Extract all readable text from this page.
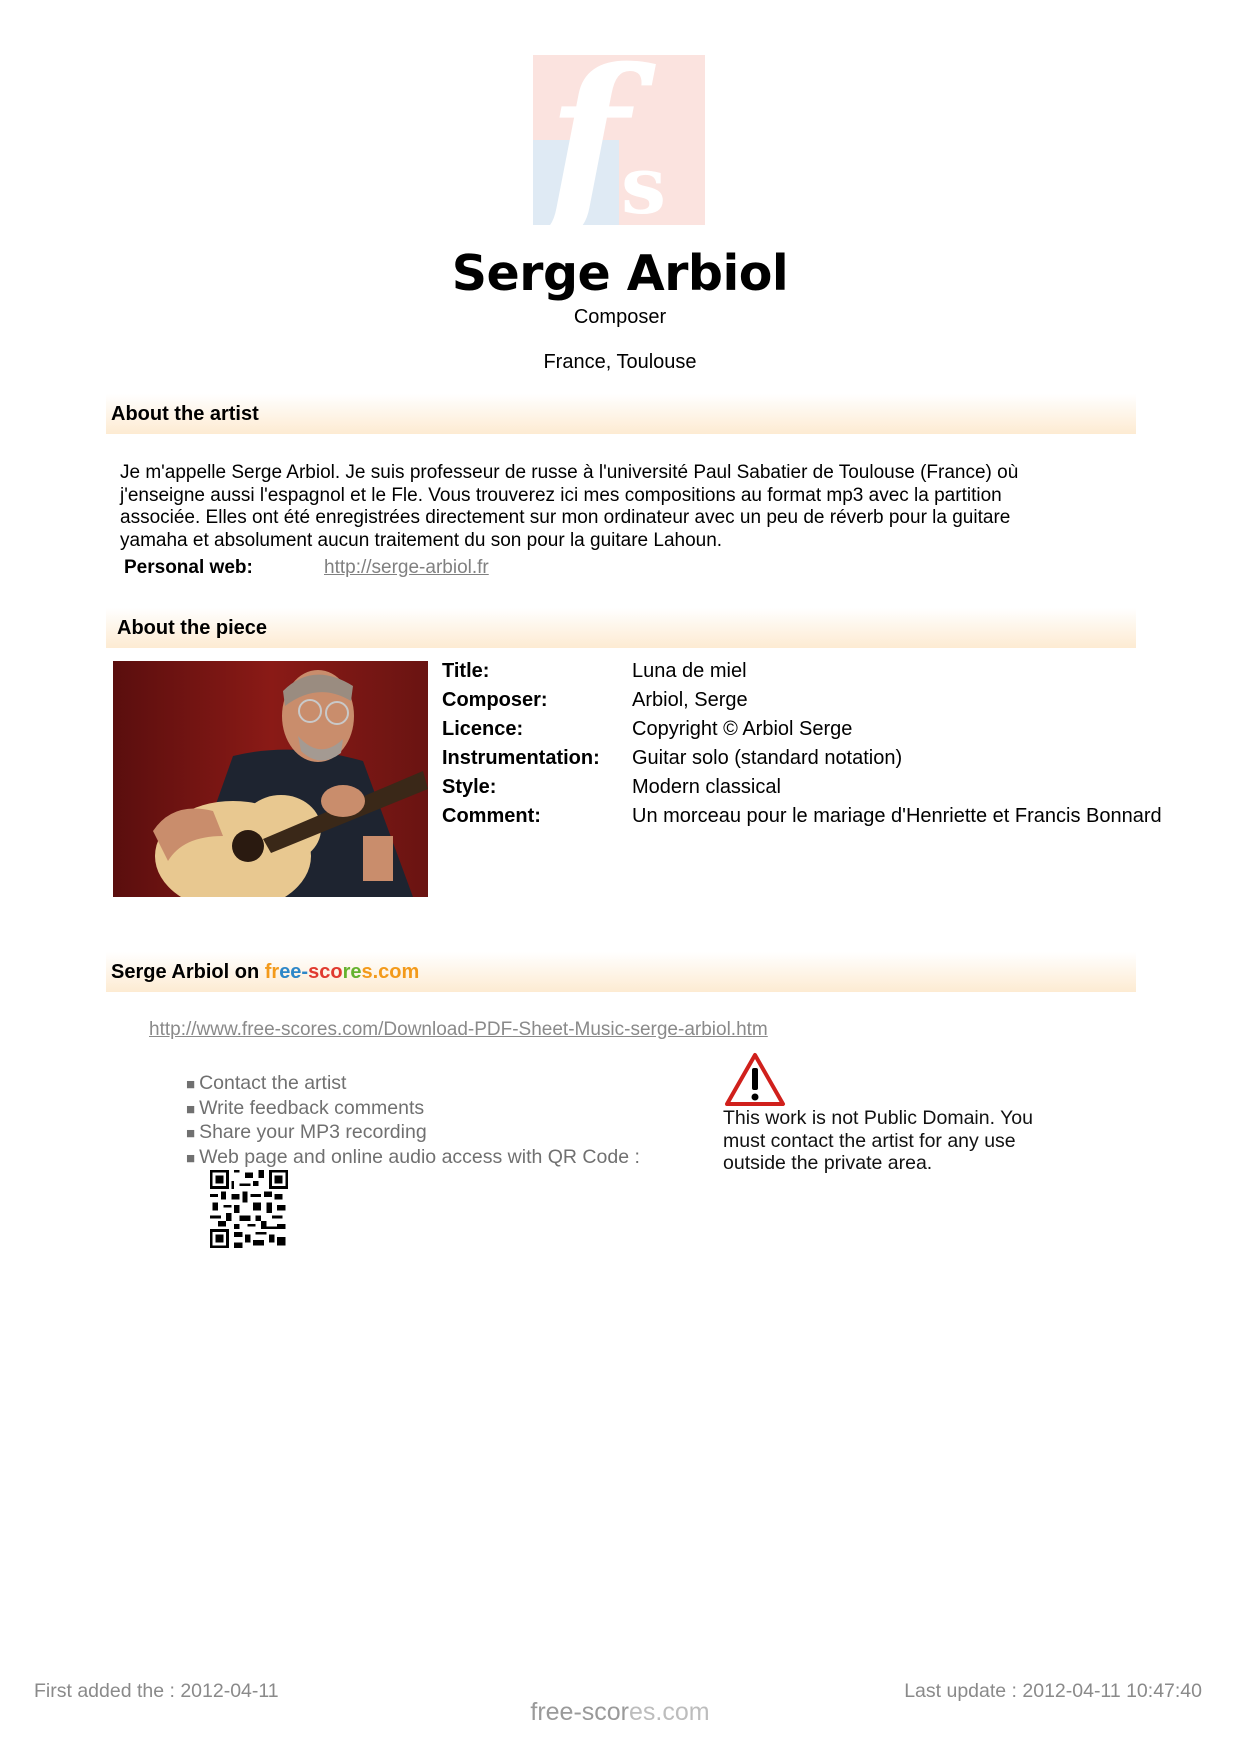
f
s
Serge Arbiol
Composer
France, Toulouse
About the artist
Je m'appelle Serge Arbiol. Je suis professeur de russe à l'université Paul Sabatier de Toulouse (France) où
j'enseigne aussi l'espagnol et le Fle. Vous trouverez ici mes compositions au format mp3 avec la partition
associée. Elles ont été enregistrées directement sur mon ordinateur avec un peu de réverb pour la guitare
yamaha et absolument aucun traitement du son pour la guitare Lahoun.
Personal web:	http://serge-arbiol.fr
About the piece
Title:	Luna de miel
Composer:	Arbiol, Serge
Licence:	Copyright © Arbiol Serge
Instrumentation: Guitar solo (standard notation)
Style:	Modern classical
Comment:	Un morceau pour le mariage d'Henriette et Francis Bonnard
Serge Arbiol on free-scores.com
http://www.free-scores.com/Download-PDF-Sheet-Music-serge-arbiol.htm
■ Contact the artist
■ Write feedback comments
■ Share your MP3 recording
■ Web page and online audio access with QR Code :
This work is not Public Domain. You
must contact the artist for any use
outside the private area.
First added the : 2012-04-11	Last update : 2012-04-11 10:47:40
free-scores.com
